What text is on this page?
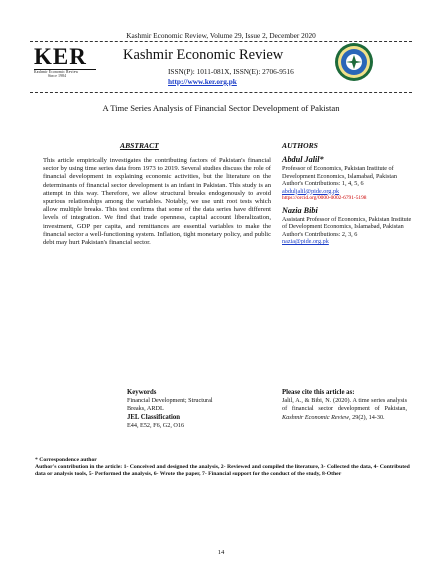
Kashmir Economic Review, Volume 29, Issue 2, December 2020
KER
Kashmir Economic Review
Since 1984
Kashmir Economic Review
ISSN(P): 1011-081X, ISSN(E): 2706-9516
http://www.ker.org.pk
A Time Series Analysis of Financial Sector Development of Pakistan
ABSTRACT	AUTHORS
This article empirically investigates the contributing factors of Pakistan's financial sector by using time series data from 1973 to 2019. Several studies discuss the role of financial development in explaining economic activities, but the literature on the determinants of financial sector development is an infant in Pakistan. This study is an attempt in this way. Therefore, we allow structural breaks endogenously to avoid spurious relationships among the variables. Notably, we use unit root tests which allow multiple breaks. This test confirms that some of the data series have different levels of integration. We find that trade openness, capital account liberalization, investment, GDP per capita, and remittances are essential variables to make the financial sector a well-functioning system. Inflation, tight monetary policy, and public debt may hurt Pakistan's financial sector.
Abdul Jalil*
Professor of Economics, Pakistan Institute of Development Economics, Islamabad, Pakistan
Author's Contributions: 1, 4, 5, 6
abduljalil@pide.org.pk
https://orcid.org/0000-0002-6791-5198
Nazia Bibi
Assistant Professor of Economics, Pakistan Institute of Development Economics, Islamabad, Pakistan
Author's Contributions: 2, 3, 6
nazia@pide.org.pk
Keywords
Financial Development; Structural Breaks, ARDL
JEL Classification
E44, E52, F6, G2, O16
Please cite this article as:
Jalil, A., & Bibi, N. (2020). A time series analysis of financial sector development of Pakistan, Kashmir Economic Review, 29(2), 14-30.
* Correspondence author
Author's contribution in the article: 1- Conceived and designed the analysis, 2- Reviewed and compiled the literature, 3- Collected the data, 4- Contributed data or analysis tools, 5- Performed the analysis, 6- Wrote the paper, 7- Financial support for the conduct of the study, 8-Other
14
